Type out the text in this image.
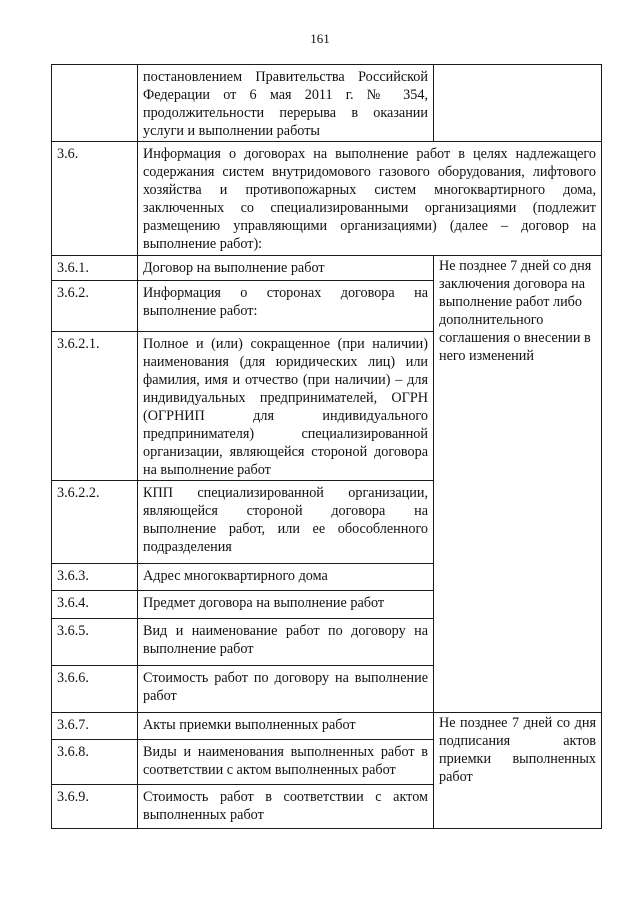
161
	постановлением Правительства Российской Федерации от 6 мая 2011 г. № 354, продолжительности перерыва в оказании услуги и выполнении работы	
3.6.	Информация о договорах на выполнение работ в целях надлежащего содержания систем внутридомового газового оборудования, лифтового хозяйства и противопожарных систем многоквартирного дома, заключенных со специализированными организациями (подлежит размещению управляющими организациями) (далее – договор на выполнение работ):	
3.6.1.	Договор на выполнение работ	Не позднее 7 дней со дня заключения договора на выполнение работ либо дополнительного соглашения о внесении в него изменений
3.6.2.	Информация о сторонах договора на выполнение работ:	
3.6.2.1.	Полное и (или) сокращенное (при наличии) наименования (для юридических лиц) или фамилия, имя и отчество (при наличии) – для индивидуальных предпринимателей, ОГРН (ОГРНИП для индивидуального предпринимателя) специализированной организации, являющейся стороной договора на выполнение работ	
3.6.2.2.	КПП специализированной организации, являющейся стороной договора на выполнение работ, или ее обособленного подразделения	
3.6.3.	Адрес многоквартирного дома	
3.6.4.	Предмет договора на выполнение работ	
3.6.5.	Вид и наименование работ по договору на выполнение работ	
3.6.6.	Стоимость работ по договору на выполнение работ	
3.6.7.	Акты приемки выполненных работ	Не позднее 7 дней со дня подписания актов приемки выполненных работ
3.6.8.	Виды и наименования выполненных работ в соответствии с актом выполненных работ	
3.6.9.	Стоимость работ в соответствии с актом выполненных работ	
